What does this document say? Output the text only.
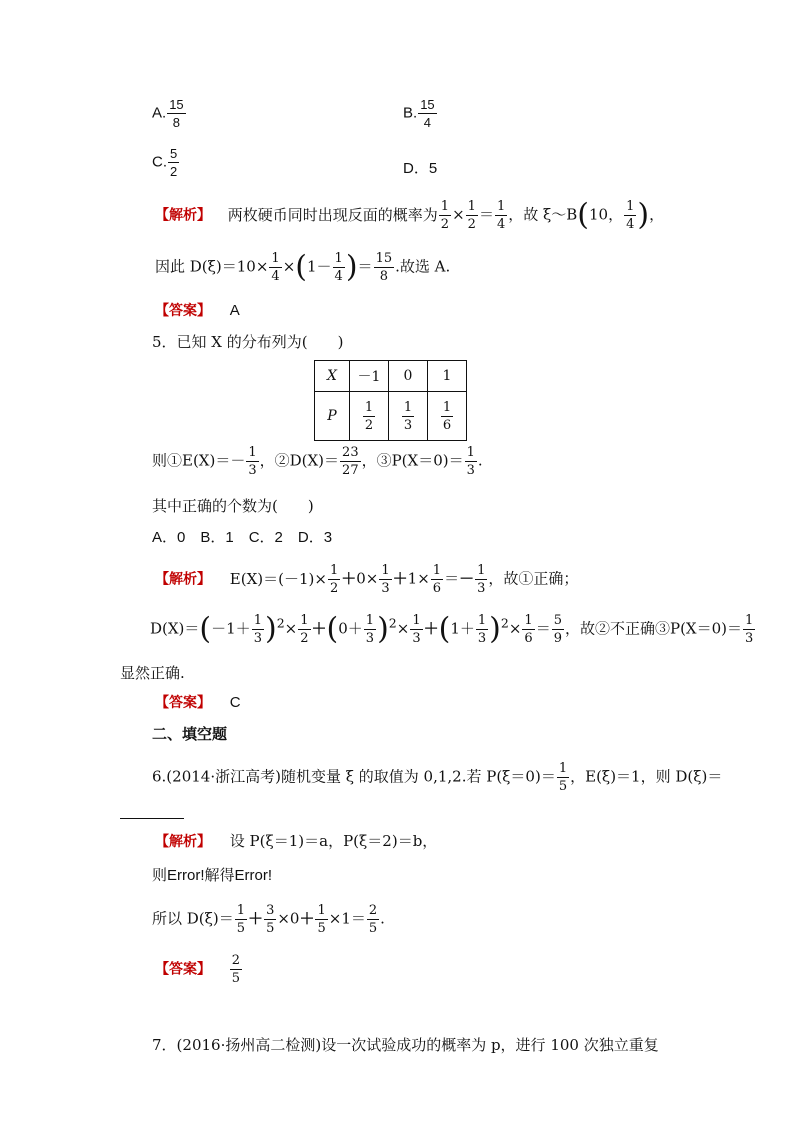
A. $\frac{15}{8}$	B. $\frac{15}{4}$
C. $\frac{5}{2}$	D．5
【解析】 两枚硬币同时出现反面的概率为 $\frac{1}{2} \times \frac{1}{2} = \frac{1}{4}$ ，故 ξ～B(10， $\frac{1}{4}$ )，
因此 $D(\xi)=10\times \frac{1}{4} \times(1- \frac{1}{4}$ )＝ $\frac{15}{8}$ .故选 A.
【答案】 A
5．已知 X 的分布列为(　　)
X	－1	0	1
P	$\frac{1}{2}$	$\frac{1}{3}$	$\frac{1}{6}$
则①E(X)＝－ $\frac{1}{3}$ ，②D(X)＝ $\frac{23}{27}$ ，③P(X＝0)＝ $\frac{1}{3}$ .
其中正确的个数为(　　)
A．0　B．1　C．2　D．3
【解析】 $E(X)=(-1)\times \frac{1}{2} +0\times \frac{1}{3} +1\times \frac{1}{6} =- \frac{1}{3}$ ，故①正确；
$D(X)=(-1+ \frac{1}{3} )^2\times \frac{1}{2} +(0+ \frac{1}{3} )^2\times \frac{1}{3} +(1+ \frac{1}{3} )^2\times \frac{1}{6} = \frac{5}{9}$ ，故②不正确③P(X＝0)＝ $\frac{1}{3}$
显然正确.
【答案】 C
二、填空题
6.(2014·浙江高考)随机变量 ξ 的取值为 0,1,2.若 $P(\xi=0)= \frac{1}{5}$ ，E(ξ)＝1，则 D(ξ)＝
【解析】 设 P(ξ＝1)＝a，P(ξ＝2)＝b，
则Error!解得Error!
所以 $D(\xi)= \frac{1}{5} + \frac{3}{5} \times 0+ \frac{1}{5} \times 1= \frac{2}{5}$ .
【答案】 $\frac{2}{5}$
7．(2016·扬州高二检测)设一次试验成功的概率为 p，进行 100 次独立重复
